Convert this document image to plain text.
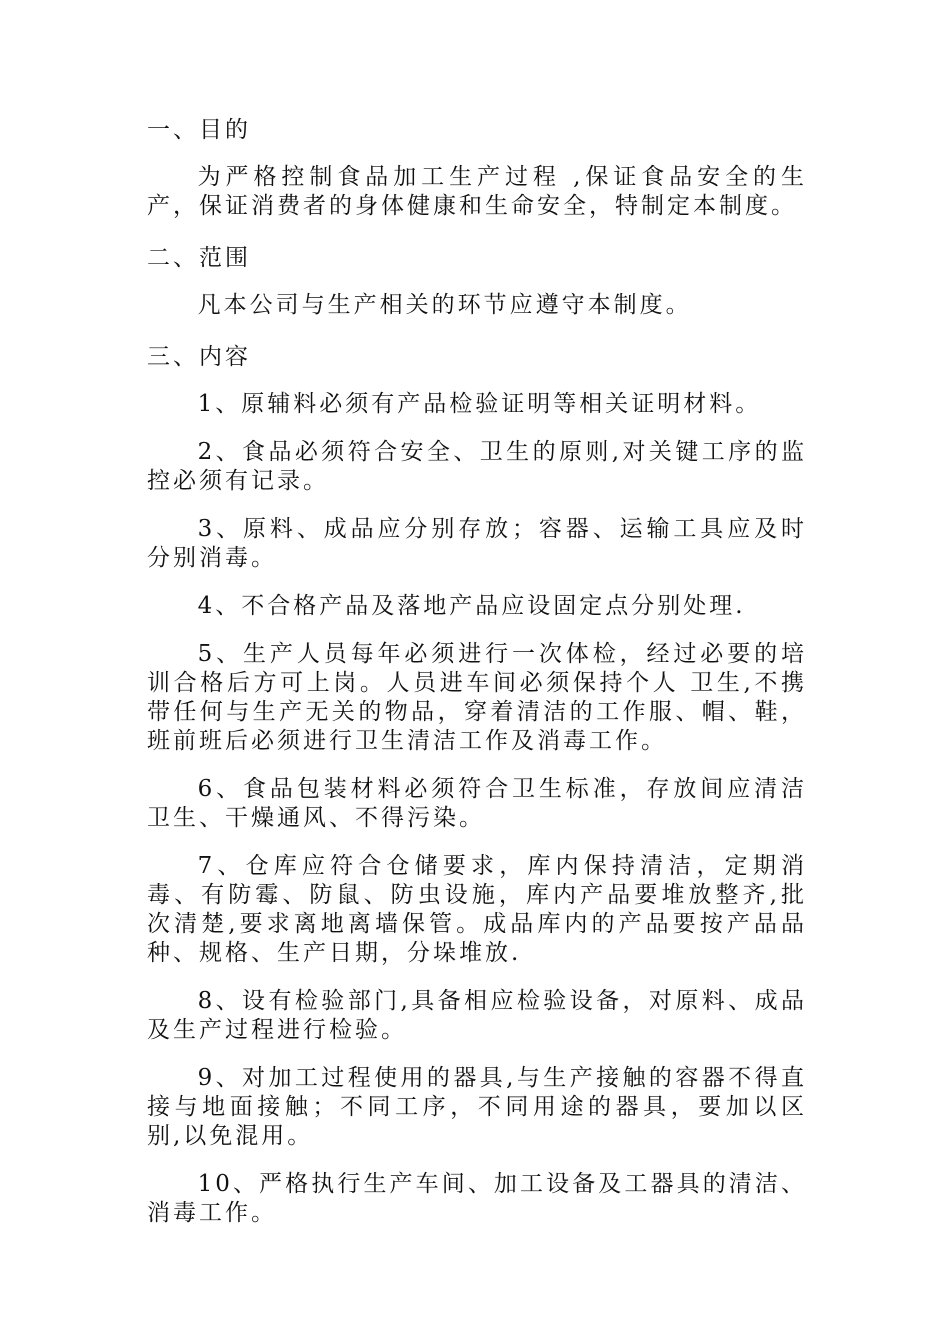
一、目的

为严格控制食品加工生产过程 ,保证食品安全的生产，保证消费者的身体健康和生命安全，特制定本制度。

二、范围

凡本公司与生产相关的环节应遵守本制度。

三、内容

1、原辅料必须有产品检验证明等相关证明材料。

2、食品必须符合安全、卫生的原则,对关键工序的监控必须有记录。

3、原料、成品应分别存放；容器、运输工具应及时分别消毒。

4、不合格产品及落地产品应设固定点分别处理.

5、生产人员每年必须进行一次体检，经过必要的培训合格后方可上岗。人员进车间必须保持个人 卫生,不携带任何与生产无关的物品，穿着清洁的工作服、帽、鞋，班前班后必须进行卫生清洁工作及消毒工作。

6、食品包装材料必须符合卫生标准，存放间应清洁卫生、干燥通风、不得污染。

7、仓库应符合仓储要求，库内保持清洁，定期消毒、有防霉、防鼠、防虫设施，库内产品要堆放整齐,批次清楚,要求离地离墙保管。成品库内的产品要按产品品种、规格、生产日期，分垛堆放.

8、设有检验部门,具备相应检验设备，对原料、成品及生产过程进行检验。

9、对加工过程使用的器具,与生产接触的容器不得直接与地面接触；不同工序，不同用途的器具，要加以区别,以免混用。

10、严格执行生产车间、加工设备及工器具的清洁、消毒工作。
